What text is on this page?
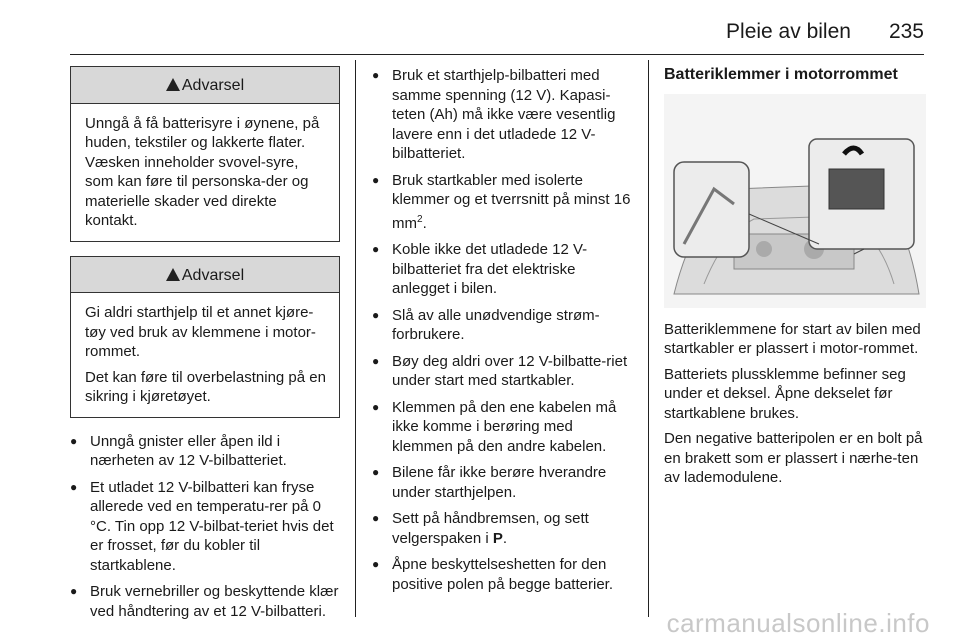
Pleie av bilen 235
Advarsel

Unngå å få batterisyre i øynene, på huden, tekstiler og lakkerte flater. Væsken inneholder svovel-syre, som kan føre til personska-der og materielle skader ved direkte kontakt.

Advarsel

Gi aldri starthjelp til et annet kjøre-tøy ved bruk av klemmene i motor-rommet.

Det kan føre til overbelastning på en sikring i kjøretøyet.

● Unngå gnister eller åpen ild i nærheten av 12 V-bilbatteriet.
● Et utladet 12 V-bilbatteri kan fryse allerede ved en temperatu-rer på 0 °C. Tin opp 12 V-bilbat-teriet hvis det er frosset, før du kobler til startkablene.
● Bruk vernebriller og beskyttende klær ved håndtering av et 12 V-bilbatteri.
● Bruk et starthjelp-bilbatteri med samme spenning (12 V). Kapasi-teten (Ah) må ikke være vesentlig lavere enn i det utladede 12 V-bilbatteriet.
● Bruk startkabler med isolerte klemmer og et tverrsnitt på minst 16 $mm^2$.
● Koble ikke det utladede 12 V-bilbatteriet fra det elektriske anlegget i bilen.
● Slå av alle unødvendige strøm-forbrukere.
● Bøy deg aldri over 12 V-bilbatte-riet under start med startkabler.
● Klemmen på den ene kabelen må ikke komme i berøring med klemmen på den andre kabelen.
● Bilene får ikke berøre hverandre under starthjelpen.
● Sett på håndbremsen, og sett velgerspaken i P.
● Åpne beskyttelseshetten for den positive polen på begge batterier.
Batteriklemmer i motorrommet

Batteriklemmene for start av bilen med startkabler er plassert i motor-rommet.

Batteriets plussklemme befinner seg under et deksel. Åpne dekselet før startkablene brukes.

Den negative batteripolen er en bolt på en brakett som er plassert i nærhe-ten av lademodulene.

carmanualsonline.info
